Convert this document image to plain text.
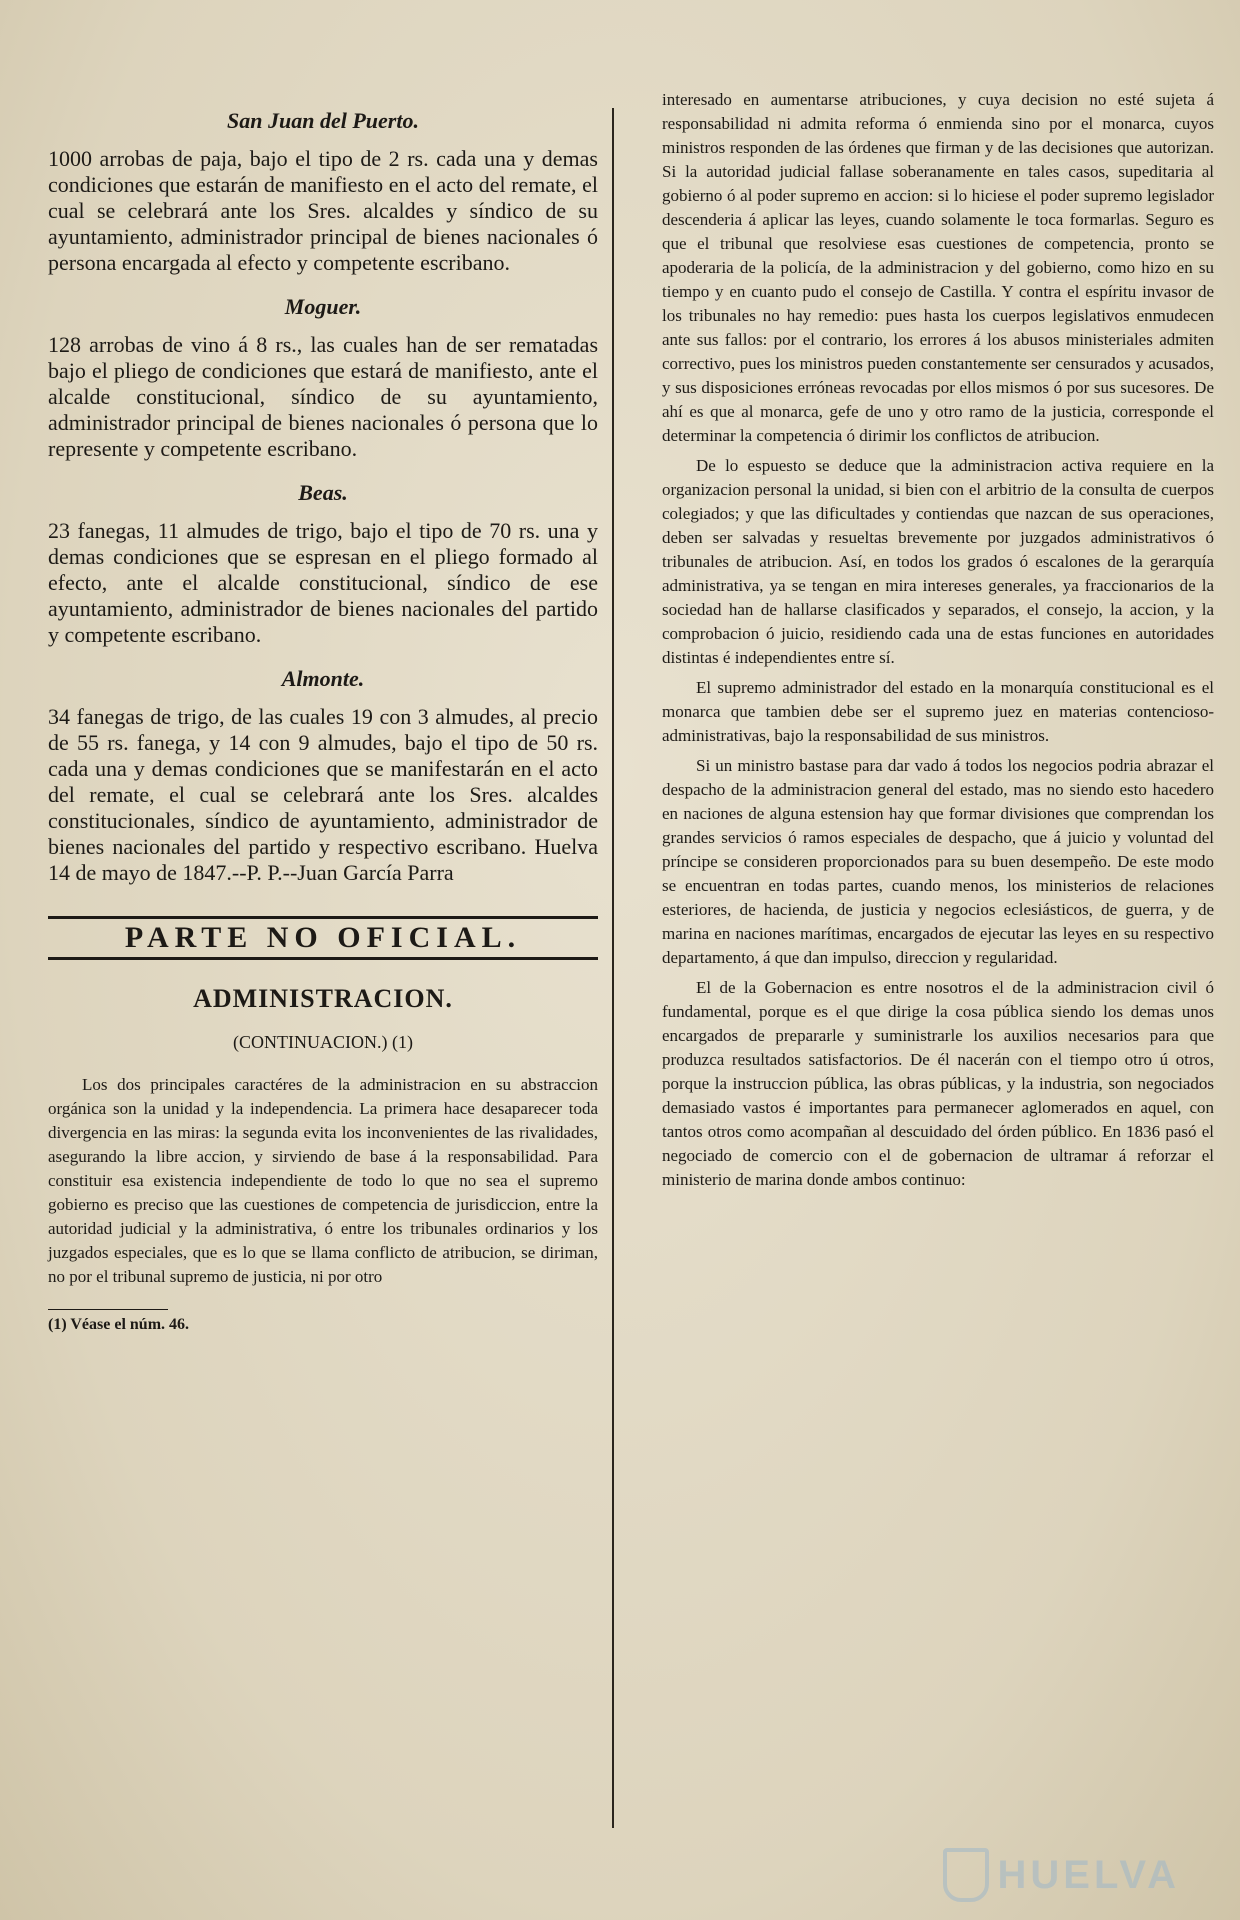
San Juan del Puerto.

1000 arrobas de paja, bajo el tipo de 2 rs. cada una y demas condiciones que estarán de manifiesto en el acto del remate, el cual se celebrará ante los Sres. alcaldes y síndico de su ayuntamiento, administrador principal de bienes nacionales ó persona encargada al efecto y competente escribano.

Moguer.

128 arrobas de vino á 8 rs., las cuales han de ser rematadas bajo el pliego de condiciones que estará de manifiesto, ante el alcalde constitucional, síndico de su ayuntamiento, administrador principal de bienes nacionales ó persona que lo represente y competente escribano.

Beas.

23 fanegas, 11 almudes de trigo, bajo el tipo de 70 rs. una y demas condiciones que se espresan en el pliego formado al efecto, ante el alcalde constitucional, síndico de ese ayuntamiento, administrador de bienes nacionales del partido y competente escribano.

Almonte.

34 fanegas de trigo, de las cuales 19 con 3 almudes, al precio de 55 rs. fanega, y 14 con 9 almudes, bajo el tipo de 50 rs. cada una y demas condiciones que se manifestarán en el acto del remate, el cual se celebrará ante los Sres. alcaldes constitucionales, síndico de ayuntamiento, administrador de bienes nacionales del partido y respectivo escribano. Huelva 14 de mayo de 1847.--P. P.--Juan García Parra

PARTE NO OFICIAL.
ADMINISTRACION.
(CONTINUACION.) (1)

Los dos principales caractéres de la administracion en su abstraccion orgánica son la unidad y la independencia. La primera hace desaparecer toda divergencia en las miras: la segunda evita los inconvenientes de las rivalidades, asegurando la libre accion, y sirviendo de base á la responsabilidad. Para constituir esa existencia independiente de todo lo que no sea el supremo gobierno es preciso que las cuestiones de competencia de jurisdiccion, entre la autoridad judicial y la administrativa, ó entre los tribunales ordinarios y los juzgados especiales, que es lo que se llama conflicto de atribucion, se diriman, no por el tribunal supremo de justicia, ni por otro

(1) Véase el núm. 46.

interesado en aumentarse atribuciones, y cuya decision no esté sujeta á responsabilidad ni admita reforma ó enmienda sino por el monarca, cuyos ministros responden de las órdenes que firman y de las decisiones que autorizan. Si la autoridad judicial fallase soberanamente en tales casos, supeditaria al gobierno ó al poder supremo en accion: si lo hiciese el poder supremo legislador descenderia á aplicar las leyes, cuando solamente le toca formarlas. Seguro es que el tribunal que resolviese esas cuestiones de competencia, pronto se apoderaria de la policía, de la administracion y del gobierno, como hizo en su tiempo y en cuanto pudo el consejo de Castilla. Y contra el espíritu invasor de los tribunales no hay remedio: pues hasta los cuerpos legislativos enmudecen ante sus fallos: por el contrario, los errores á los abusos ministeriales admiten correctivo, pues los ministros pueden constantemente ser censurados y acusados, y sus disposiciones erróneas revocadas por ellos mismos ó por sus sucesores. De ahí es que al monarca, gefe de uno y otro ramo de la justicia, corresponde el determinar la competencia ó dirimir los conflictos de atribucion.

De lo espuesto se deduce que la administracion activa requiere en la organizacion personal la unidad, si bien con el arbitrio de la consulta de cuerpos colegiados; y que las dificultades y contiendas que nazcan de sus operaciones, deben ser salvadas y resueltas brevemente por juzgados administrativos ó tribunales de atribucion. Así, en todos los grados ó escalones de la gerarquía administrativa, ya se tengan en mira intereses generales, ya fraccionarios de la sociedad han de hallarse clasificados y separados, el consejo, la accion, y la comprobacion ó juicio, residiendo cada una de estas funciones en autoridades distintas é independientes entre sí.

El supremo administrador del estado en la monarquía constitucional es el monarca que tambien debe ser el supremo juez en materias contencioso-administrativas, bajo la responsabilidad de sus ministros.

Si un ministro bastase para dar vado á todos los negocios podria abrazar el despacho de la administracion general del estado, mas no siendo esto hacedero en naciones de alguna estension hay que formar divisiones que comprendan los grandes servicios ó ramos especiales de despacho, que á juicio y voluntad del príncipe se consideren proporcionados para su buen desempeño. De este modo se encuentran en todas partes, cuando menos, los ministerios de relaciones esteriores, de hacienda, de justicia y negocios eclesiásticos, de guerra, y de marina en naciones marítimas, encargados de ejecutar las leyes en su respectivo departamento, á que dan impulso, direccion y regularidad.

El de la Gobernacion es entre nosotros el de la administracion civil ó fundamental, porque es el que dirige la cosa pública siendo los demas unos encargados de prepararle y suministrarle los auxilios necesarios para que produzca resultados satisfactorios. De él nacerán con el tiempo otro ú otros, porque la instruccion pública, las obras públicas, y la industria, son negociados demasiado vastos é importantes para permanecer aglomerados en aquel, con tantos otros como acompañan al descuidado del órden público. En 1836 pasó el negociado de comercio con el de gobernacion de ultramar á reforzar el ministerio de marina donde ambos continuo:

HUELVA
